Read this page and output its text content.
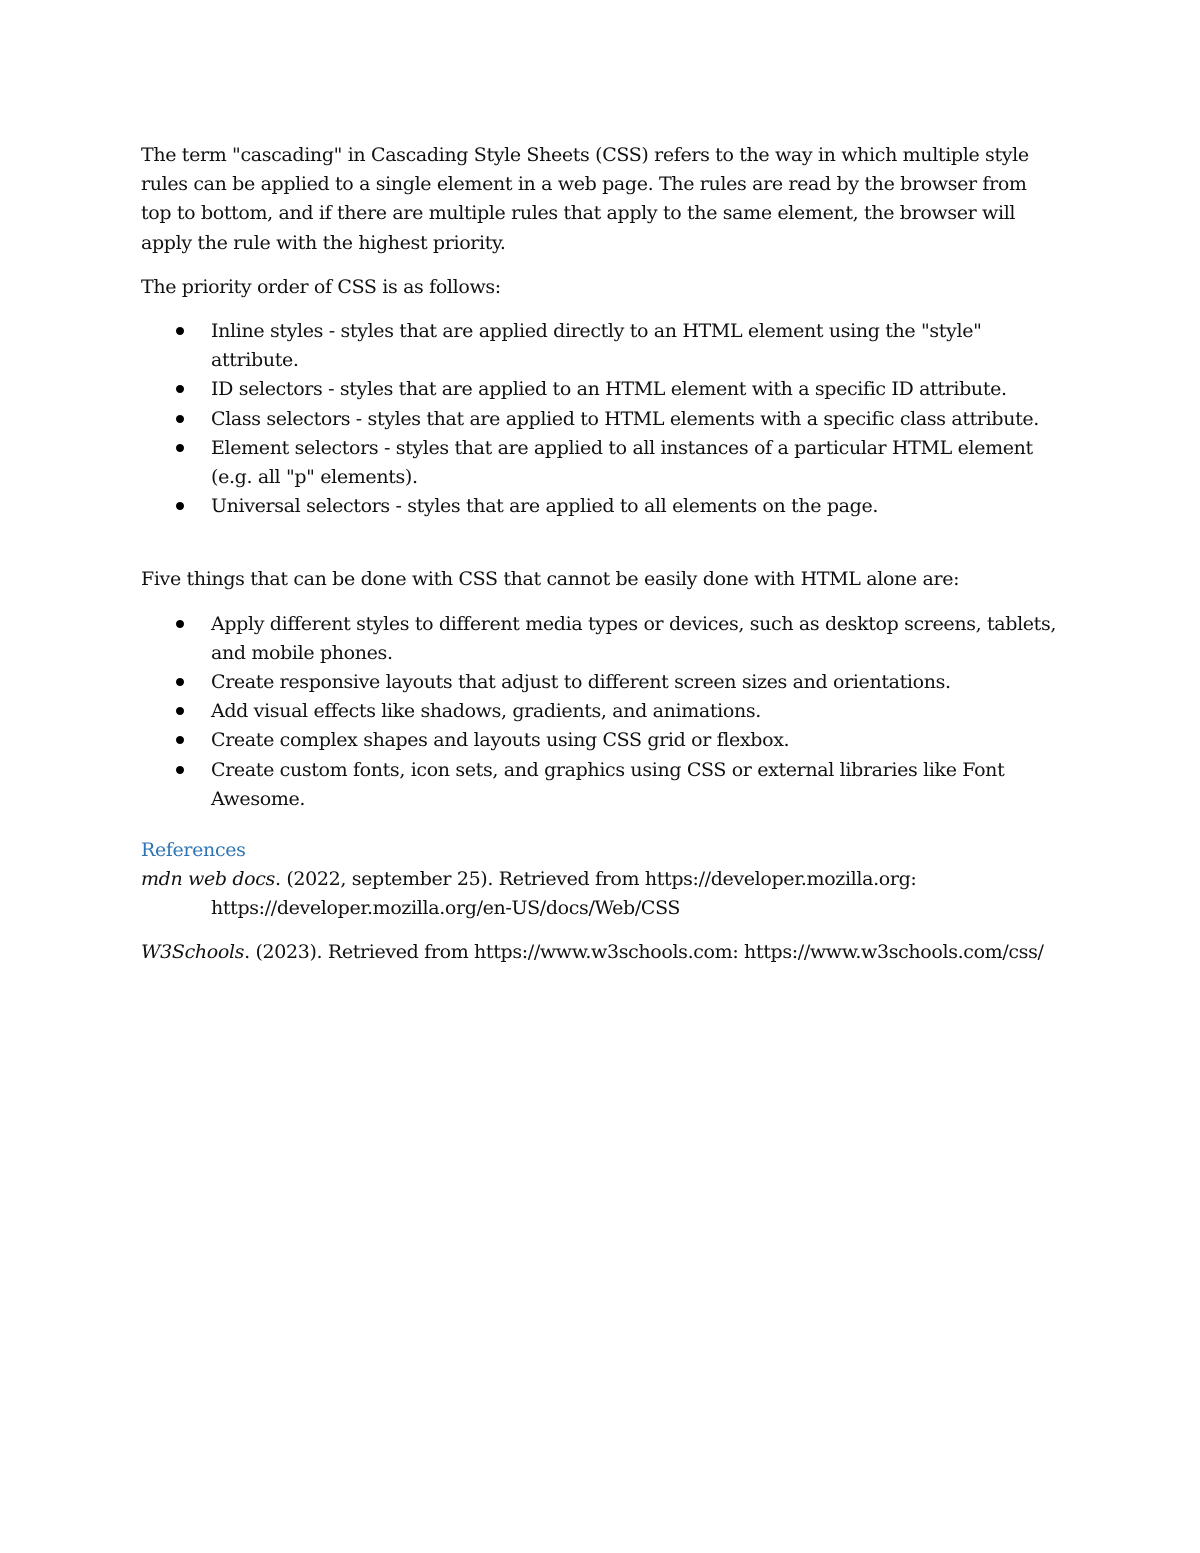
The term "cascading" in Cascading Style Sheets (CSS) refers to the way in which multiple style rules can be applied to a single element in a web page. The rules are read by the browser from top to bottom, and if there are multiple rules that apply to the same element, the browser will apply the rule with the highest priority.

The priority order of CSS is as follows:

Inline styles - styles that are applied directly to an HTML element using the "style" attribute.
ID selectors - styles that are applied to an HTML element with a specific ID attribute.
Class selectors - styles that are applied to HTML elements with a specific class attribute.
Element selectors - styles that are applied to all instances of a particular HTML element (e.g. all "p" elements).
Universal selectors - styles that are applied to all elements on the page.

Five things that can be done with CSS that cannot be easily done with HTML alone are:

Apply different styles to different media types or devices, such as desktop screens, tablets, and mobile phones.
Create responsive layouts that adjust to different screen sizes and orientations.
Add visual effects like shadows, gradients, and animations.
Create complex shapes and layouts using CSS grid or flexbox.
Create custom fonts, icon sets, and graphics using CSS or external libraries like Font Awesome.

References

mdn web docs. (2022, september 25). Retrieved from https://developer.mozilla.org: https://developer.mozilla.org/en-US/docs/Web/CSS

W3Schools. (2023). Retrieved from https://www.w3schools.com: https://www.w3schools.com/css/
